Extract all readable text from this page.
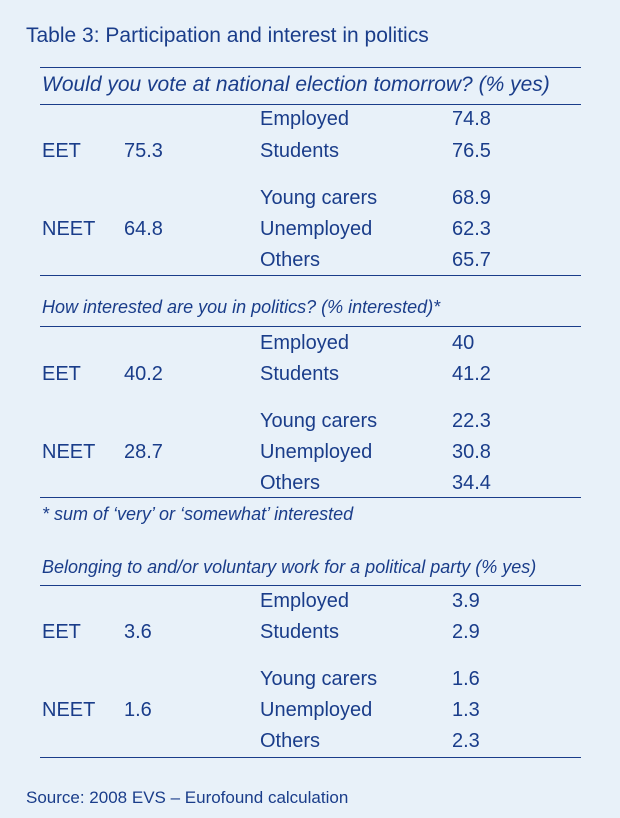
Table 3: Participation and interest in politics
Would you vote at national election tomorrow? (% yes)
Employed	74.8
EET 75.3	Students	76.5
Young carers	68.9
NEET 64.8	Unemployed	62.3
Others	65.7
How interested are you in politics? (% interested)*
Employed	40
EET 40.2	Students	41.2
Young carers	22.3
NEET 28.7	Unemployed	30.8
Others	34.4
* sum of ‘very’ or ‘somewhat’ interested
Belonging to and/or voluntary work for a political party (% yes)
Employed	3.9
EET 3.6	Students	2.9
Young carers	1.6
NEET 1.6	Unemployed	1.3
Others	2.3
Source: 2008 EVS – Eurofound calculation
